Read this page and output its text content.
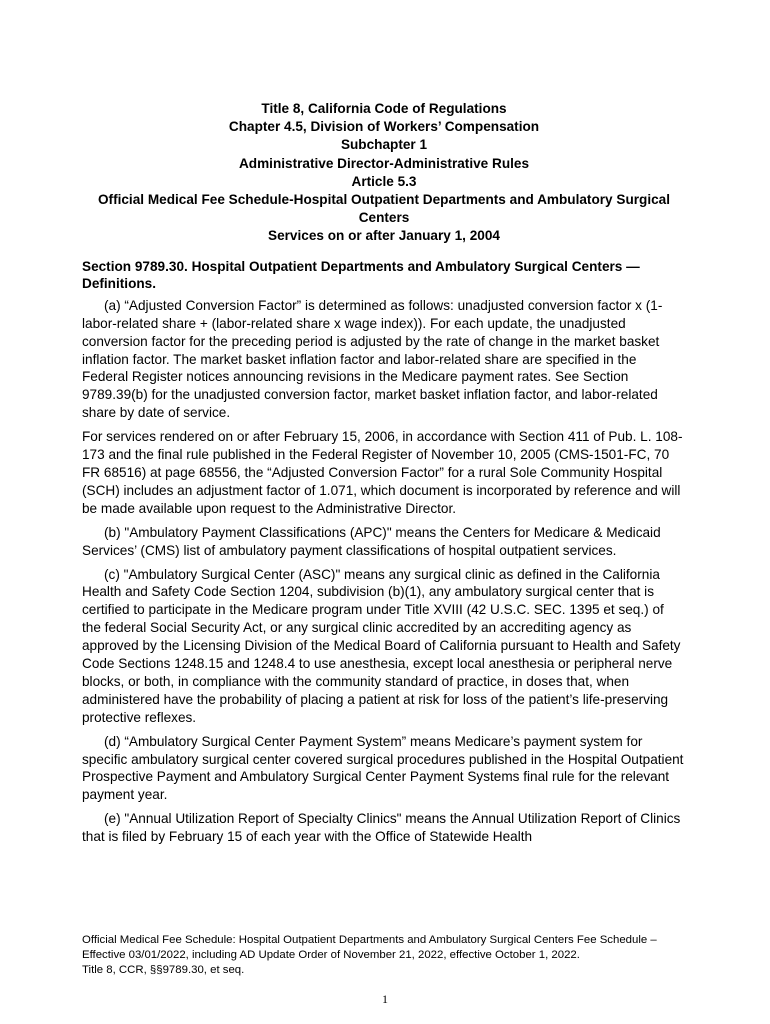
Title 8, California Code of Regulations
Chapter 4.5, Division of Workers’ Compensation
Subchapter 1
Administrative Director-Administrative Rules
Article 5.3
Official Medical Fee Schedule-Hospital Outpatient Departments and Ambulatory Surgical Centers
Services on or after January 1, 2004
Section 9789.30. Hospital Outpatient Departments and Ambulatory Surgical Centers — Definitions.

(a) “Adjusted Conversion Factor” is determined as follows: unadjusted conversion factor x (1-labor-related share + (labor-related share x wage index)). For each update, the unadjusted conversion factor for the preceding period is adjusted by the rate of change in the market basket inflation factor. The market basket inflation factor and labor-related share are specified in the Federal Register notices announcing revisions in the Medicare payment rates. See Section 9789.39(b) for the unadjusted conversion factor, market basket inflation factor, and labor-related share by date of service.

For services rendered on or after February 15, 2006, in accordance with Section 411 of Pub. L. 108-173 and the final rule published in the Federal Register of November 10, 2005 (CMS-1501-FC, 70 FR 68516) at page 68556, the “Adjusted Conversion Factor” for a rural Sole Community Hospital (SCH) includes an adjustment factor of 1.071, which document is incorporated by reference and will be made available upon request to the Administrative Director.

(b) "Ambulatory Payment Classifications (APC)" means the Centers for Medicare & Medicaid Services’ (CMS) list of ambulatory payment classifications of hospital outpatient services.

(c) "Ambulatory Surgical Center (ASC)" means any surgical clinic as defined in the California Health and Safety Code Section 1204, subdivision (b)(1), any ambulatory surgical center that is certified to participate in the Medicare program under Title XVIII (42 U.S.C. SEC. 1395 et seq.) of the federal Social Security Act, or any surgical clinic accredited by an accrediting agency as approved by the Licensing Division of the Medical Board of California pursuant to Health and Safety Code Sections 1248.15 and 1248.4 to use anesthesia, except local anesthesia or peripheral nerve blocks, or both, in compliance with the community standard of practice, in doses that, when administered have the probability of placing a patient at risk for loss of the patient’s life-preserving protective reflexes.

(d) “Ambulatory Surgical Center Payment System” means Medicare’s payment system for specific ambulatory surgical center covered surgical procedures published in the Hospital Outpatient Prospective Payment and Ambulatory Surgical Center Payment Systems final rule for the relevant payment year.

(e) "Annual Utilization Report of Specialty Clinics" means the Annual Utilization Report of Clinics that is filed by February 15 of each year with the Office of Statewide Health

Official Medical Fee Schedule: Hospital Outpatient Departments and Ambulatory Surgical Centers Fee Schedule – Effective 03/01/2022, including AD Update Order of November 21, 2022, effective October 1, 2022.
Title 8, CCR, §§9789.30, et seq.
1
